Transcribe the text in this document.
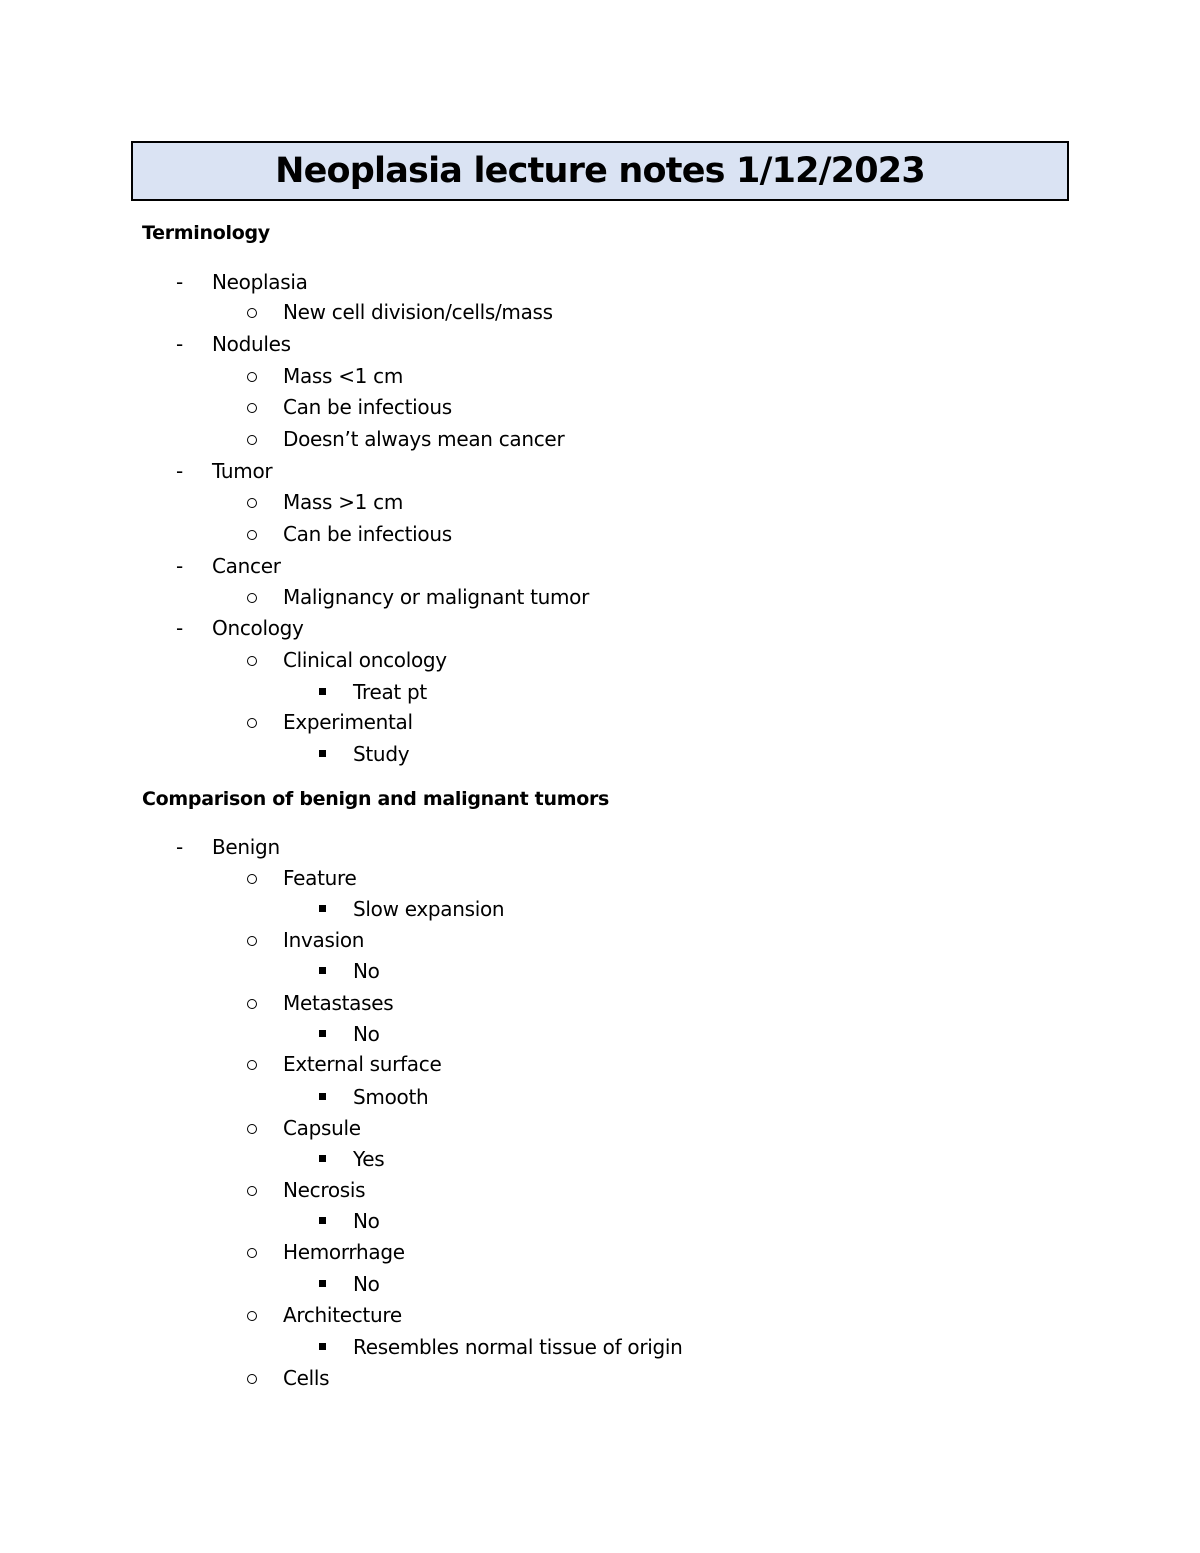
Neoplasia lecture notes 1/12/2023
Terminology
- Neoplasia
New cell division/cells/mass
- Nodules
Mass <1 cm
Can be infectious
Doesn’t always mean cancer
- Tumor
Mass >1 cm
Can be infectious
- Cancer
Malignancy or malignant tumor
- Oncology
Clinical oncology
Treat pt
Experimental
Study
Comparison of benign and malignant tumors
- Benign
Feature
Slow expansion
Invasion
No
Metastases
No
External surface
Smooth
Capsule
Yes
Necrosis
No
Hemorrhage
No
Architecture
Resembles normal tissue of origin
Cells
